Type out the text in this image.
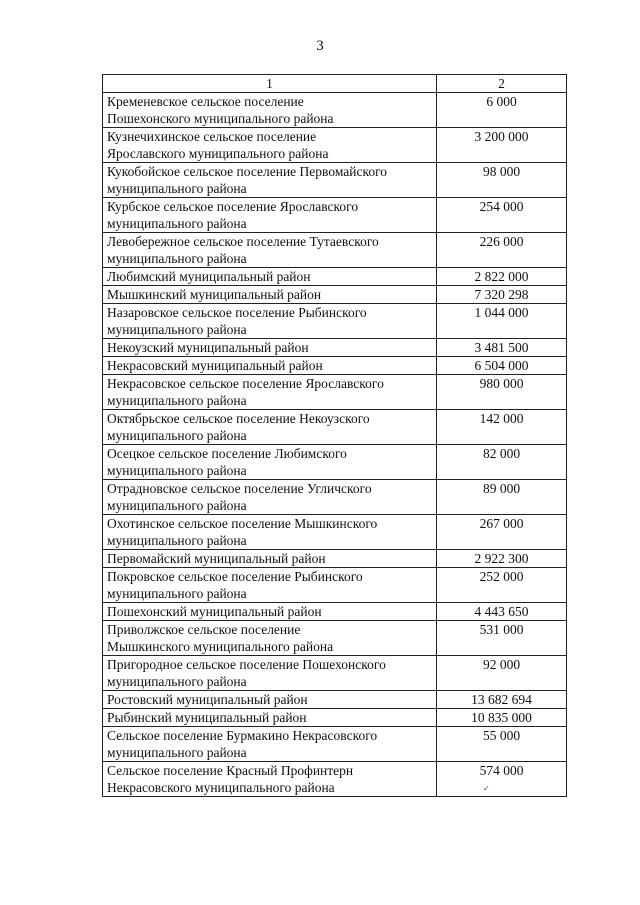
3
1	2
Кременевское сельское поселение
Пошехонского муниципального района	6 000
Кузнечихинское сельское поселение
Ярославского муниципального района	3 200 000
Кукобойское сельское поселение Первомайского
муниципального района	98 000
Курбское сельское поселение Ярославского
муниципального района	254 000
Левобережное сельское поселение Тутаевского
муниципального района	226 000
Любимский муниципальный район	2 822 000
Мышкинский муниципальный район	7 320 298
Назаровское сельское поселение Рыбинского
муниципального района	1 044 000
Некоузский муниципальный район	3 481 500
Некрасовский муниципальный район	6 504 000
Некрасовское сельское поселение Ярославского
муниципального района	980 000
Октябрьское сельское поселение Некоузского
муниципального района	142 000
Осецкое сельское поселение Любимского
муниципального района	82 000
Отрадновское сельское поселение Угличского
муниципального района	89 000
Охотинское сельское поселение Мышкинского
муниципального района	267 000
Первомайский муниципальный район	2 922 300
Покровское сельское поселение Рыбинского
муниципального района	252 000
Пошехонский муниципальный район	4 443 650
Приволжское сельское поселение
Мышкинского муниципального района	531 000
Пригородное сельское поселение Пошехонского
муниципального района	92 000
Ростовский муниципальный район	13 682 694
Рыбинский муниципальный район	10 835 000
Сельское поселение Бурмакино Некрасовского
муниципального района	55 000
Сельское поселение Красный Профинтерн
Некрасовского муниципального района	574 000
✓
